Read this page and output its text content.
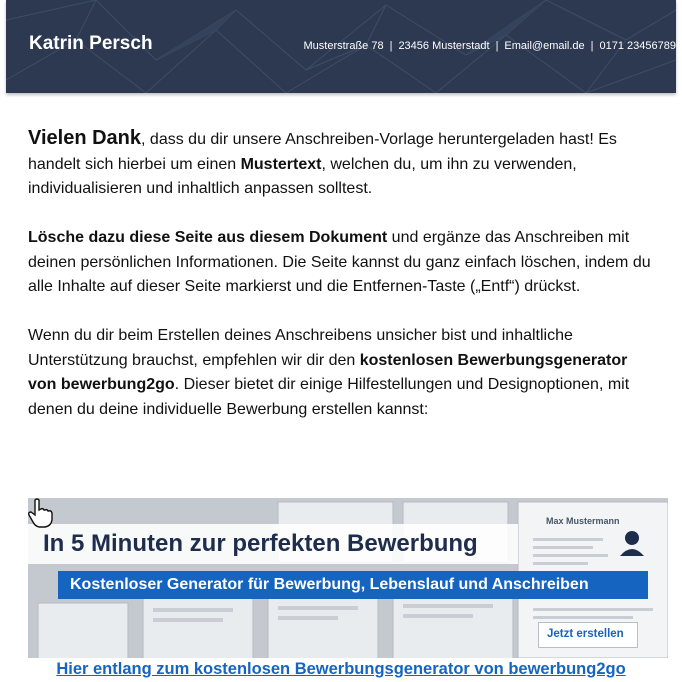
Katrin Persch	Musterstraße 78 | 23456 Musterstadt | Email@email.de | 0171 23456789

Vielen Dank, dass du dir unsere Anschreiben-Vorlage heruntergeladen hast! Es handelt sich hierbei um einen Mustertext, welchen du, um ihn zu verwenden, individualisieren und inhaltlich anpassen solltest.

Lösche dazu diese Seite aus diesem Dokument und ergänze das Anschreiben mit deinen persönlichen Informationen. Die Seite kannst du ganz einfach löschen, indem du alle Inhalte auf dieser Seite markierst und die Entfernen-Taste („Entf“) drückst.

Wenn du dir beim Erstellen deines Anschreibens unsicher bist und inhaltliche Unterstützung brauchst, empfehlen wir dir den kostenlosen Bewerbungsgenerator von bewerbung2go. Dieser bietet dir einige Hilfestellungen und Designoptionen, mit denen du deine individuelle Bewerbung erstellen kannst:

Max Mustermann
In 5 Minuten zur perfekten Bewerbung
Kostenloser Generator für Bewerbung, Lebenslauf und Anschreiben
Jetzt erstellen
Hier entlang zum kostenlosen Bewerbungsgenerator von bewerbung2go
